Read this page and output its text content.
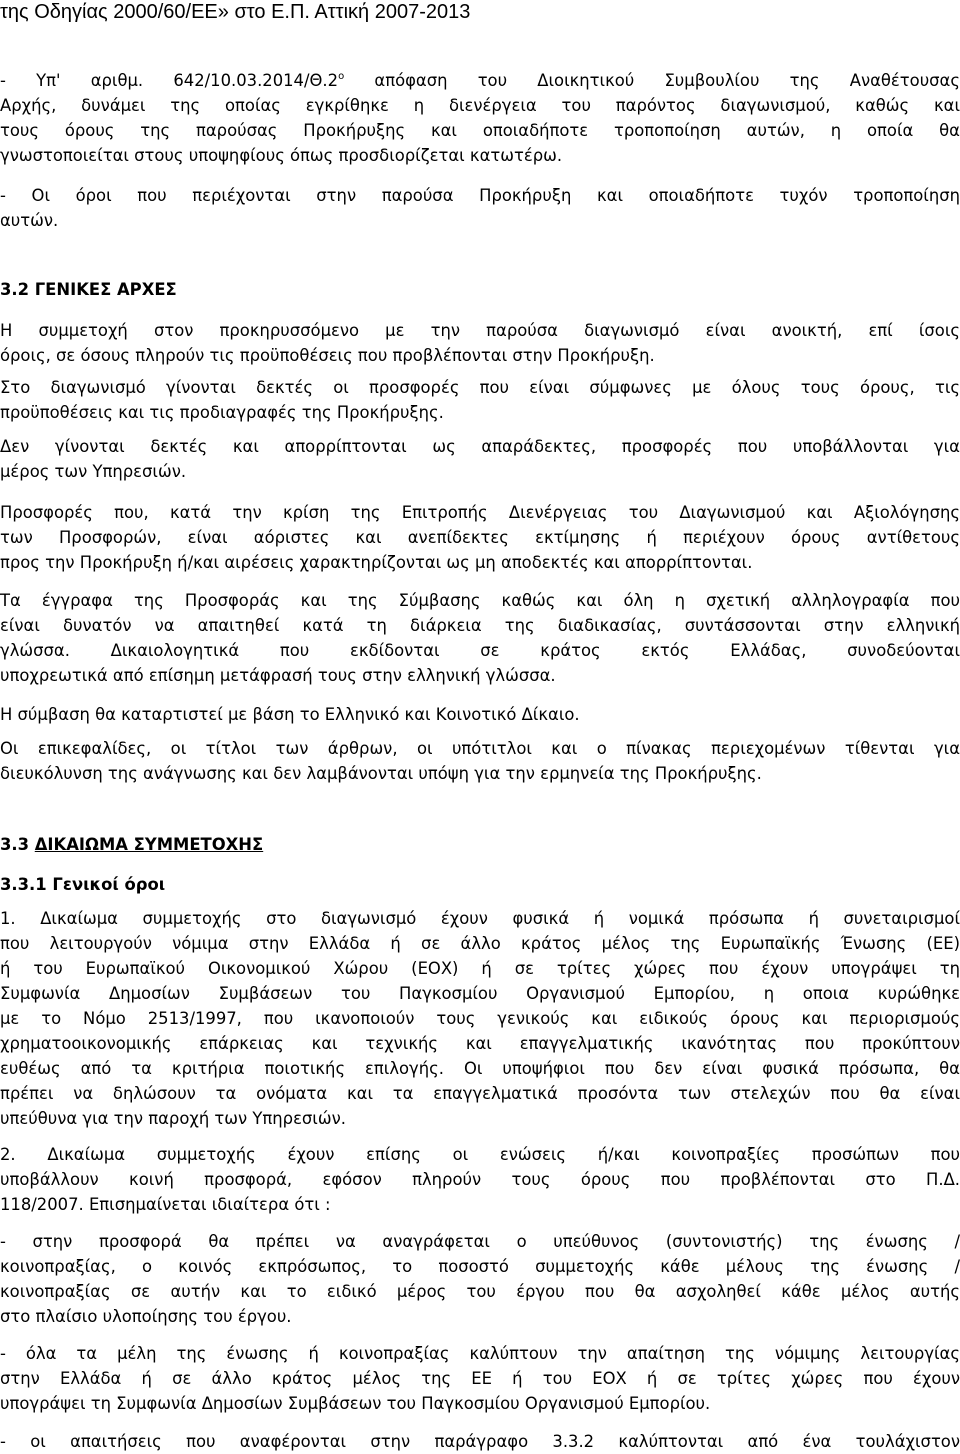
της Οδηγίας 2000/60/ΕΕ» στο Ε.Π. Αττική 2007-2013

- Υπ' αριθμ. $642/10.03.2014/\Theta.2^o$ απόφαση του Διοικητικού Συμβουλίου της Αναθέτουσας

Αρχής, δυνάμει της οποίας εγκρίθηκε η διενέργεια του παρόντος διαγωνισμού, καθώς και

τους όρους της παρούσας Προκήρυξης και οποιαδήποτε τροποποίηση αυτών, η οποία θα

γνωστοποιείται στους υποψηφίους όπως προσδιορίζεται κατωτέρω.

- Οι όροι που περιέχονται στην παρούσα Προκήρυξη και οποιαδήποτε τυχόν τροποποίηση

αυτών.

3.2 ΓΕΝΙΚΕΣ ΑΡΧΕΣ

Η συμμετοχή στον προκηρυσσόμενο με την παρούσα διαγωνισμό είναι ανοικτή, επί ίσοις

όροις, σε όσους πληρούν τις προϋποθέσεις που προβλέπονται στην Προκήρυξη.

Στο διαγωνισμό γίνονται δεκτές οι προσφορές που είναι σύμφωνες με όλους τους όρους, τις

προϋποθέσεις και τις προδιαγραφές της Προκήρυξης.

Δεν γίνονται δεκτές και απορρίπτονται ως απαράδεκτες, προσφορές που υποβάλλονται για

μέρος των Υπηρεσιών.

Προσφορές που, κατά την κρίση της Επιτροπής Διενέργειας του Διαγωνισμού και Αξιολόγησης

των Προσφορών, είναι αόριστες και ανεπίδεκτες εκτίμησης ή περιέχουν όρους αντίθετους

προς την Προκήρυξη ή/και αιρέσεις χαρακτηρίζονται ως μη αποδεκτές και απορρίπτονται.

Τα έγγραφα της Προσφοράς και της Σύμβασης καθώς και όλη η σχετική αλληλογραφία που

είναι δυνατόν να απαιτηθεί κατά τη διάρκεια της διαδικασίας, συντάσσονται στην ελληνική

γλώσσα. Δικαιολογητικά που εκδίδονται σε κράτος εκτός Ελλάδας, συνοδεύονται

υποχρεωτικά από επίσημη μετάφρασή τους στην ελληνική γλώσσα.

Η σύμβαση θα καταρτιστεί με βάση το Ελληνικό και Κοινοτικό Δίκαιο.

Οι επικεφαλίδες, οι τίτλοι των άρθρων, οι υπότιτλοι και ο πίνακας περιεχομένων τίθενται για

διευκόλυνση της ανάγνωσης και δεν λαμβάνονται υπόψη για την ερμηνεία της Προκήρυξης.

3.3 ΔΙΚΑΙΩΜΑ ΣΥΜΜΕΤΟΧΗΣ

3.3.1 Γενικοί όροι

1. Δικαίωμα συμμετοχής στο διαγωνισμό έχουν φυσικά ή νομικά πρόσωπα ή συνεταιρισμοί

που λειτουργούν νόμιμα στην Ελλάδα ή σε άλλο κράτος μέλος της Ευρωπαϊκής Ένωσης (ΕΕ)

ή του Ευρωπαϊκού Οικονομικού Χώρου (ΕΟΧ) ή σε τρίτες χώρες που έχουν υπογράψει τη

Συμφωνία Δημοσίων Συμβάσεων του Παγκοσμίου Οργανισμού Εμπορίου, η οποια κυρώθηκε

με το Νόμο 2513/1997, που ικανοποιούν τους γενικούς και ειδικούς όρους και περιορισμούς

χρηματοοικονομικής επάρκειας και τεχνικής και επαγγελματικής ικανότητας που προκύπτουν

ευθέως από τα κριτήρια ποιοτικής επιλογής. Οι υποψήφιοι που δεν είναι φυσικά πρόσωπα, θα

πρέπει να δηλώσουν τα ονόματα και τα επαγγελματικά προσόντα των στελεχών που θα είναι

υπεύθυνα για την παροχή των Υπηρεσιών.

2. Δικαίωμα συμμετοχής έχουν επίσης οι ενώσεις ή/και κοινοπραξίες προσώπων που

υποβάλλουν κοινή προσφορά, εφόσον πληρούν τους όρους που προβλέπονται στο Π.Δ.

118/2007. Επισημαίνεται ιδιαίτερα ότι :

- στην προσφορά θα πρέπει να αναγράφεται ο υπεύθυνος (συντονιστής) της ένωσης /

κοινοπραξίας, ο κοινός εκπρόσωπος, το ποσοστό συμμετοχής κάθε μέλους της ένωσης /

κοινοπραξίας σε αυτήν και το ειδικό μέρος του έργου που θα ασχοληθεί κάθε μέλος αυτής

στο πλαίσιο υλοποίησης του έργου.

- όλα τα μέλη της ένωσης ή κοινοπραξίας καλύπτουν την απαίτηση της νόμιμης λειτουργίας

στην Ελλάδα ή σε άλλο κράτος μέλος της ΕΕ ή του ΕΟΧ ή σε τρίτες χώρες που έχουν

υπογράψει τη Συμφωνία Δημοσίων Συμβάσεων του Παγκοσμίου Οργανισμού Εμπορίου.

- οι απαιτήσεις που αναφέρονται στην παράγραφο 3.3.2 καλύπτονται από ένα τουλάχιστον
